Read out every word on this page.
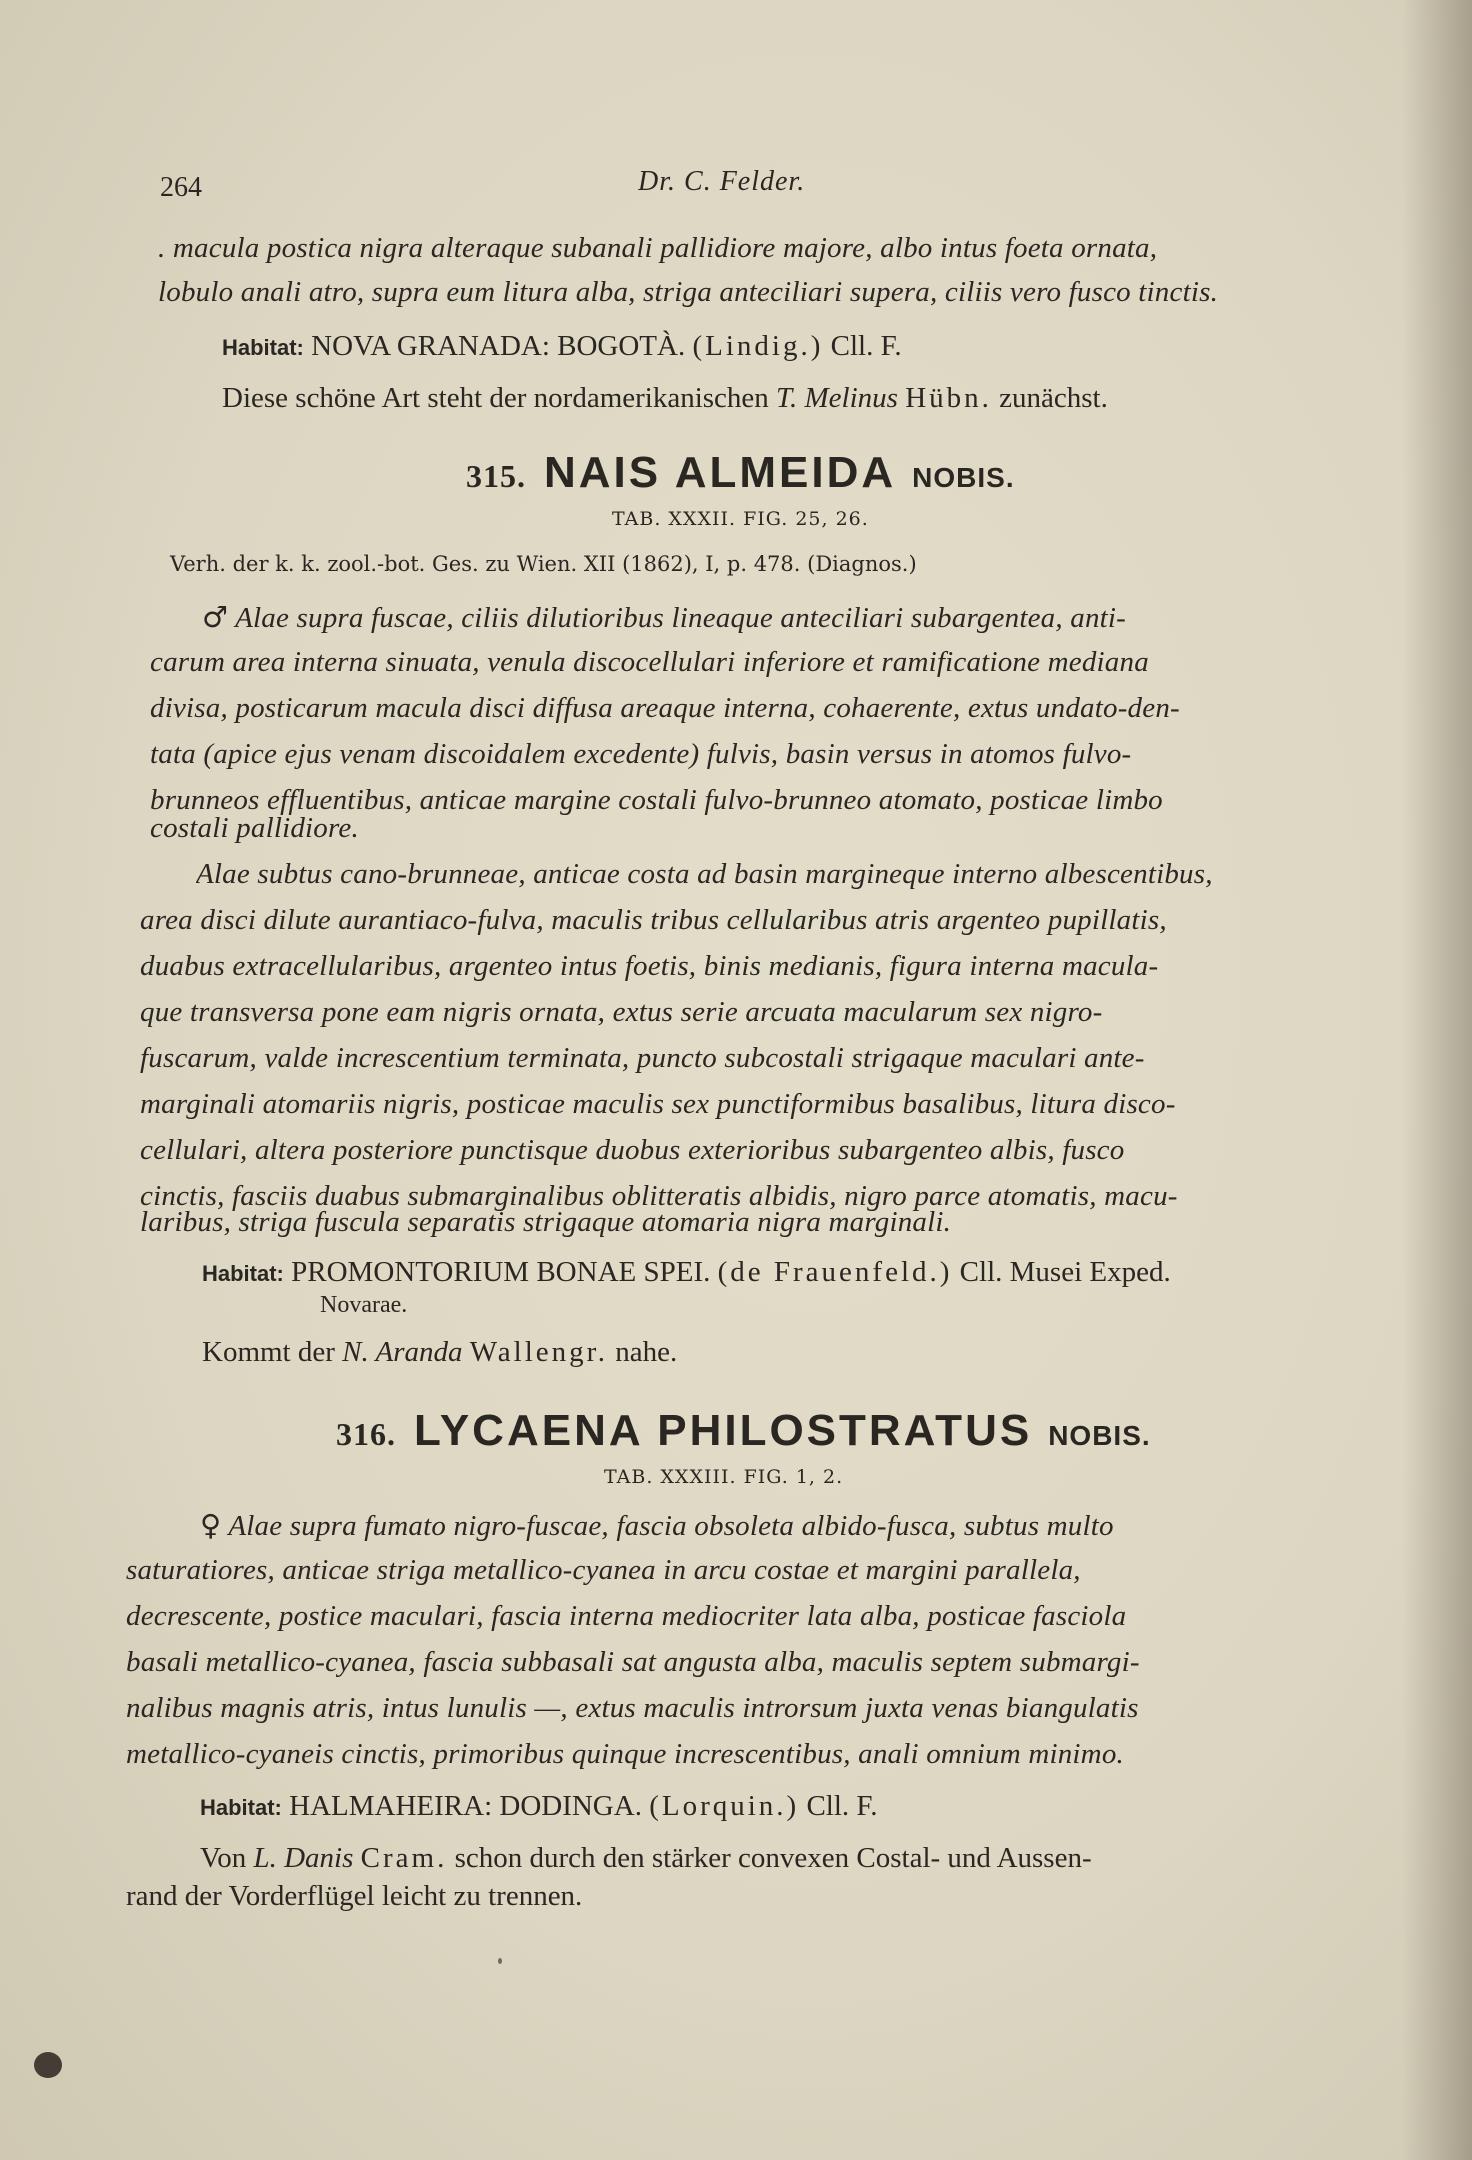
264	Dr. C. Felder.
. macula postica nigra alteraque subanali pallidiore majore, albo intus foeta ornata,
lobulo anali atro, supra eum litura alba, striga anteciliari supera, ciliis vero fusco tinctis.
Habitat: NOVA GRANADA: BOGOTÀ. (Lindig.) Cll. F.
Diese schöne Art steht der nordamerikanischen T. Melinus Hübn. zunächst.
315. NAIS ALMEIDA NOBIS.
TAB. XXXII. FIG. 25, 26.
Verh. der k. k. zool.-bot. Ges. zu Wien. XII (1862), I, p. 478. (Diagnos.)
♂ Alae supra fuscae, ciliis dilutioribus lineaque anteciliari subargentea, anti-
carum area interna sinuata, venula discocellulari inferiore et ramificatione mediana
divisa, posticarum macula disci diffusa areaque interna, cohaerente, extus undato-den-
tata (apice ejus venam discoidalem excedente) fulvis, basin versus in atomos fulvo-
brunneos effluentibus, anticae margine costali fulvo-brunneo atomato, posticae limbo
costali pallidiore.
Alae subtus cano-brunneae, anticae costa ad basin margineque interno albescentibus,
area disci dilute aurantiaco-fulva, maculis tribus cellularibus atris argenteo pupillatis,
duabus extracellularibus, argenteo intus foetis, binis medianis, figura interna macula-
que transversa pone eam nigris ornata, extus serie arcuata macularum sex nigro-
fuscarum, valde increscentium terminata, puncto subcostali strigaque maculari ante-
marginali atomariis nigris, posticae maculis sex punctiformibus basalibus, litura disco-
cellulari, altera posteriore punctisque duobus exterioribus subargenteo albis, fusco
cinctis, fasciis duabus submarginalibus oblitteratis albidis, nigro parce atomatis, macu-
laribus, striga fuscula separatis strigaque atomaria nigra marginali.
Habitat: PROMONTORIUM BONAE SPEI. (de Frauenfeld.) Cll. Musei Exped.
Novarae.
Kommt der N. Aranda Wallengr. nahe.
316. LYCAENA PHILOSTRATUS NOBIS.
TAB. XXXIII. FIG. 1, 2.
♀ Alae supra fumato nigro-fuscae, fascia obsoleta albido-fusca, subtus multo
saturatiores, anticae striga metallico-cyanea in arcu costae et margini parallela,
decrescente, postice maculari, fascia interna mediocriter lata alba, posticae fasciola
basali metallico-cyanea, fascia subbasali sat angusta alba, maculis septem submargi-
nalibus magnis atris, intus lunulis —, extus maculis introrsum juxta venas biangulatis
metallico-cyaneis cinctis, primoribus quinque increscentibus, anali omnium minimo.
Habitat: HALMAHEIRA: DODINGA. (Lorquin.) Cll. F.
Von L. Danis Cram. schon durch den stärker convexen Costal- und Aussen-
rand der Vorderflügel leicht zu trennen.
